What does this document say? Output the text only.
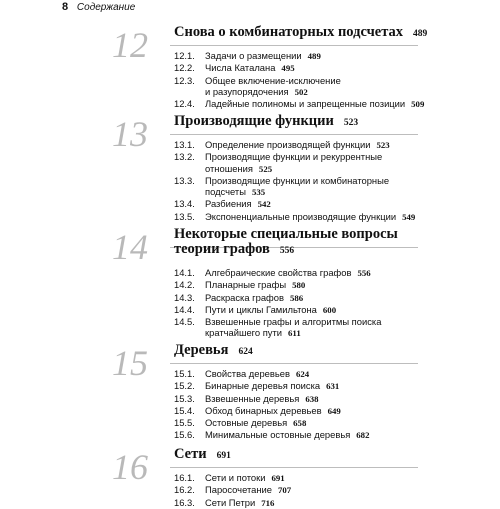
8 Содержание
12	Снова о комбинаторных подсчетах 489
12.1.	Задачи о размещении 489
12.2.	Числа Каталана 495
12.3.	Общее включение-исключение
и разупорядочения 502
12.4.	Ладейные полиномы и запрещенные позиции 509
13	Производящие функции 523
13.1.	Определение производящей функции 523
13.2.	Производящие функции и рекуррентные
отношения 525
13.3.	Производящие функции и комбинаторные
подсчеты 535
13.4.	Разбиения 542
13.5.	Экспоненциальные производящие функции 549
14	Некоторые специальные вопросы
теории графов 556
14.1.	Алгебраические свойства графов 556
14.2.	Планарные графы 580
14.3.	Раскраска графов 586
14.4.	Пути и циклы Гамильтона 600
14.5.	Взвешенные графы и алгоритмы поиска
кратчайшего пути 611
15	Деревья 624
15.1.	Свойства деревьев 624
15.2.	Бинарные деревья поиска 631
15.3.	Взвешенные деревья 638
15.4.	Обход бинарных деревьев 649
15.5.	Остовные деревья 658
15.6.	Минимальные остовные деревья 682
16	Сети 691
16.1.	Сети и потоки 691
16.2.	Паросочетание 707
16.3.	Сети Петри 716
